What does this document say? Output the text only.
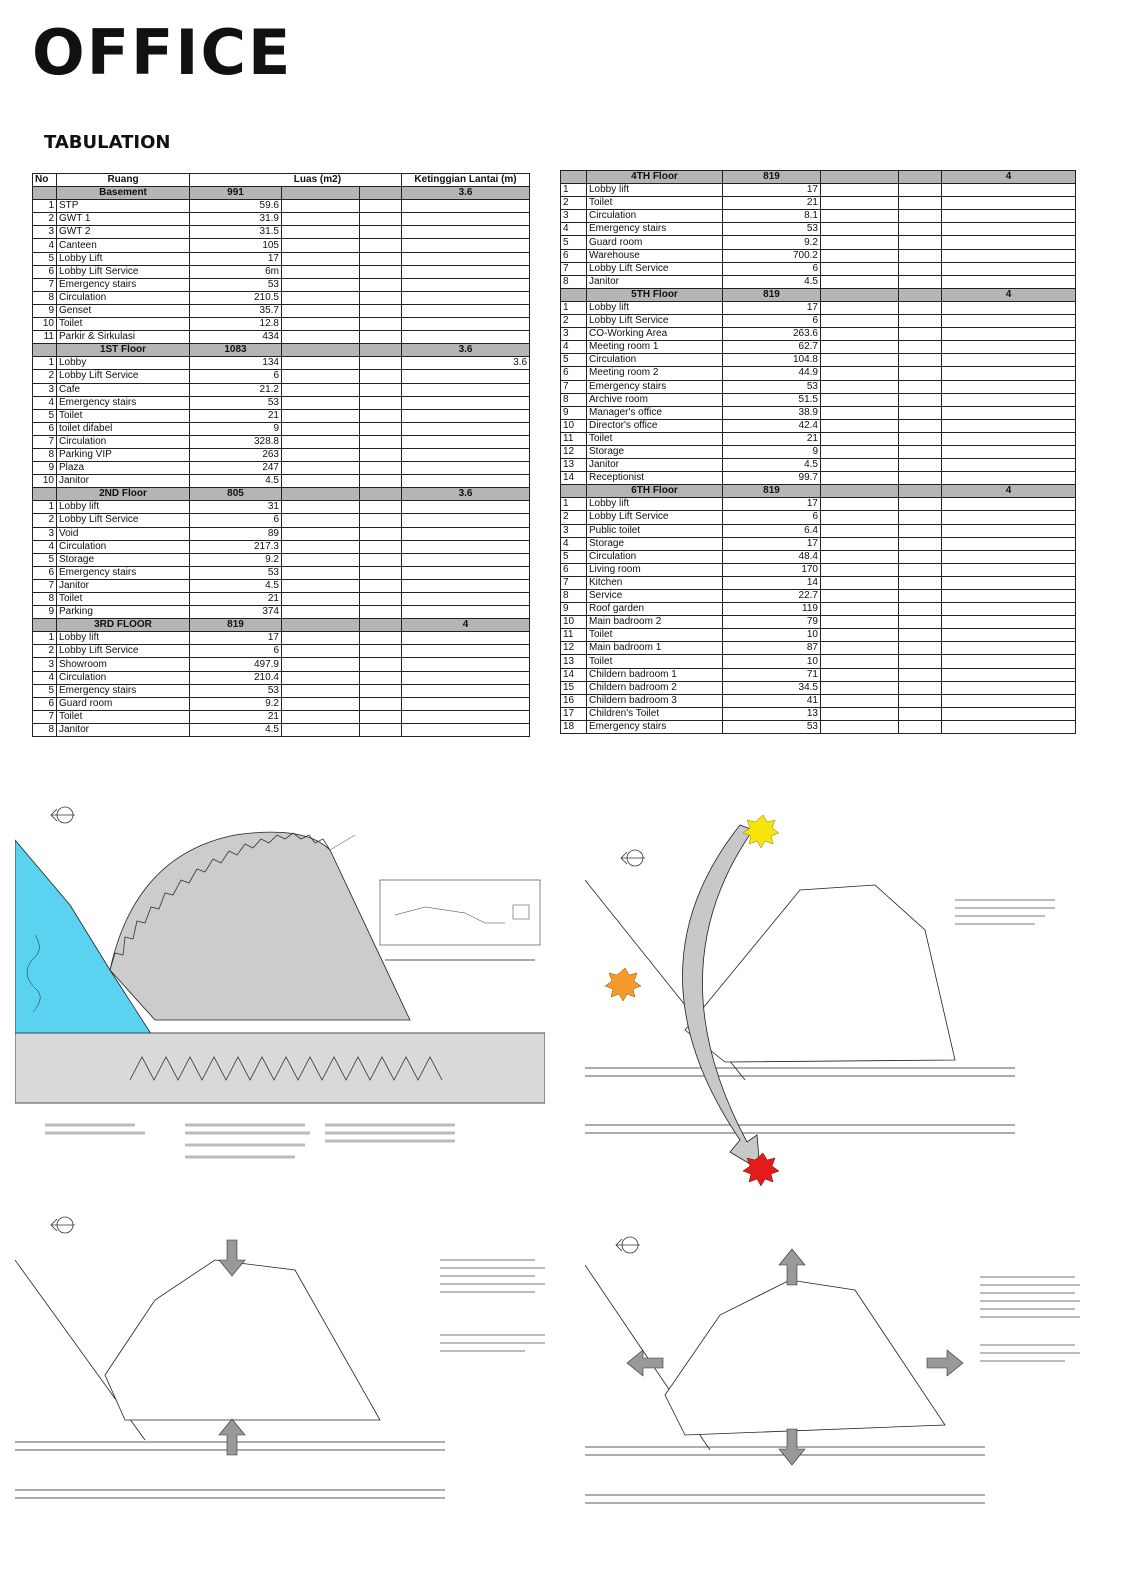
OFFICE
TABULATION
No	Ruang	Luas (m2)			Ketinggian Lantai (m)
	Basement	991			3.6
1	STP	59.6			
2	GWT 1	31.9			
3	GWT 2	31.5			
4	Canteen	105			
5	Lobby Lift	17			
6	Lobby Lift Service	6m			
7	Emergency stairs	53			
8	Circulation	210.5			
9	Genset	35.7			
10	Toilet	12.8			
11	Parkir & Sirkulasi	434			
	1ST Floor	1083			3.6
1	Lobby	134			3.6
2	Lobby Lift Service	6			
3	Cafe	21.2			
4	Emergency stairs	53			
5	Toilet	21			
6	toilet difabel	9			
7	Circulation	328.8			
8	Parking VIP	263			
9	Plaza	247			
10	Janitor	4.5			
	2ND Floor	805			3.6
1	Lobby lift	31			
2	Lobby Lift Service	6			
3	Void	89			
4	Circulation	217.3			
5	Storage	9.2			
6	Emergency stairs	53			
7	Janitor	4.5			
8	Toilet	21			
9	Parking	374			
	3RD FLOOR	819			4
1	Lobby lift	17			
2	Lobby Lift Service	6			
3	Showroom	497.9			
4	Circulation	210.4			
5	Emergency stairs	53			
6	Guard room	9.2			
7	Toilet	21			
8	Janitor	4.5			
	4TH Floor	819			4
1	Lobby lift	17			
2	Toilet	21			
3	Circulation	8.1			
4	Emergency stairs	53			
5	Guard room	9.2			
6	Warehouse	700.2			
7	Lobby Lift Service	6			
8	Janitor	4.5			
	5TH Floor	819			4
1	Lobby lift	17			
2	Lobby Lift Service	6			
3	CO-Working Area	263.6			
4	Meeting room 1	62.7			
5	Circulation	104.8			
6	Meeting room 2	44.9			
7	Emergency stairs	53			
8	Archive room	51.5			
9	Manager's office	38.9			
10	Director's office	42.4			
11	Toilet	21			
12	Storage	9			
13	Janitor	4.5			
14	Receptionist	99.7			
	6TH Floor	819			4
1	Lobby lift	17			
2	Lobby Lift Service	6			
3	Public toilet	6.4			
4	Storage	17			
5	Circulation	48.4			
6	Living room	170			
7	Kitchen	14			
8	Service	22.7			
9	Roof garden	119			
10	Main badroom 2	79			
11	Toilet	10			
12	Main badroom 1	87			
13	Toilet	10			
14	Childern badroom 1	71			
15	Childern badroom 2	34.5			
16	Childern badroom 3	41			
17	Children's Toilet	13			
18	Emergency stairs	53			
